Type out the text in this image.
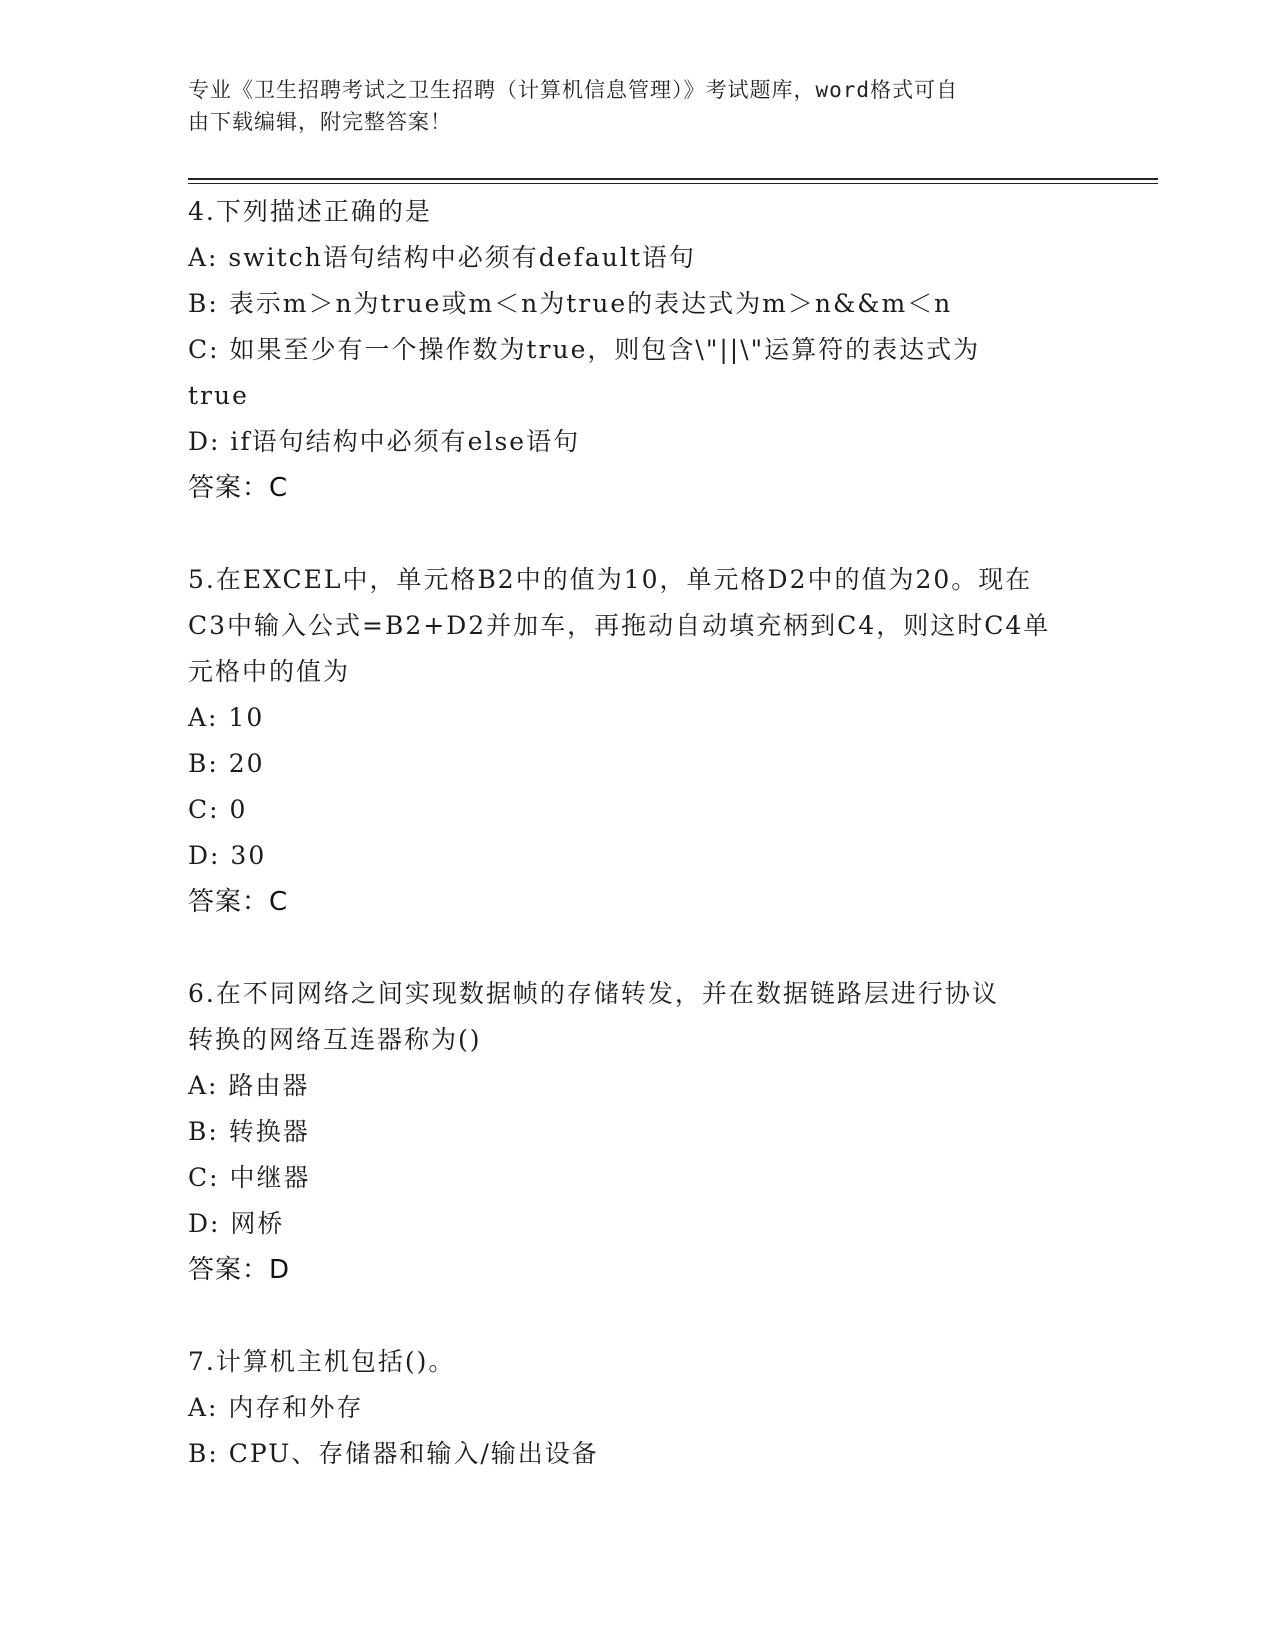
专业《卫生招聘考试之卫生招聘（计算机信息管理）》考试题库，word格式可自
由下载编辑，附完整答案！
4.下列描述正确的是
A: switch语句结构中必须有default语句
B: 表示m＞n为true或m＜n为true的表达式为m＞n&&m＜n
C: 如果至少有一个操作数为true，则包含\"||\"运算符的表达式为
true
D: if语句结构中必须有else语句
答案：C
5.在EXCEL中，单元格B2中的值为10，单元格D2中的值为20。现在
C3中输入公式=B2+D2并加车，再拖动自动填充柄到C4，则这时C4单
元格中的值为
A: 10
B: 20
C: 0
D: 30
答案：C
6.在不同网络之间实现数据帧的存储转发，并在数据链路层进行协议
转换的网络互连器称为()
A: 路由器
B: 转换器
C: 中继器
D: 网桥
答案：D
7.计算机主机包括()。
A: 内存和外存
B: CPU、存储器和输入/输出设备
